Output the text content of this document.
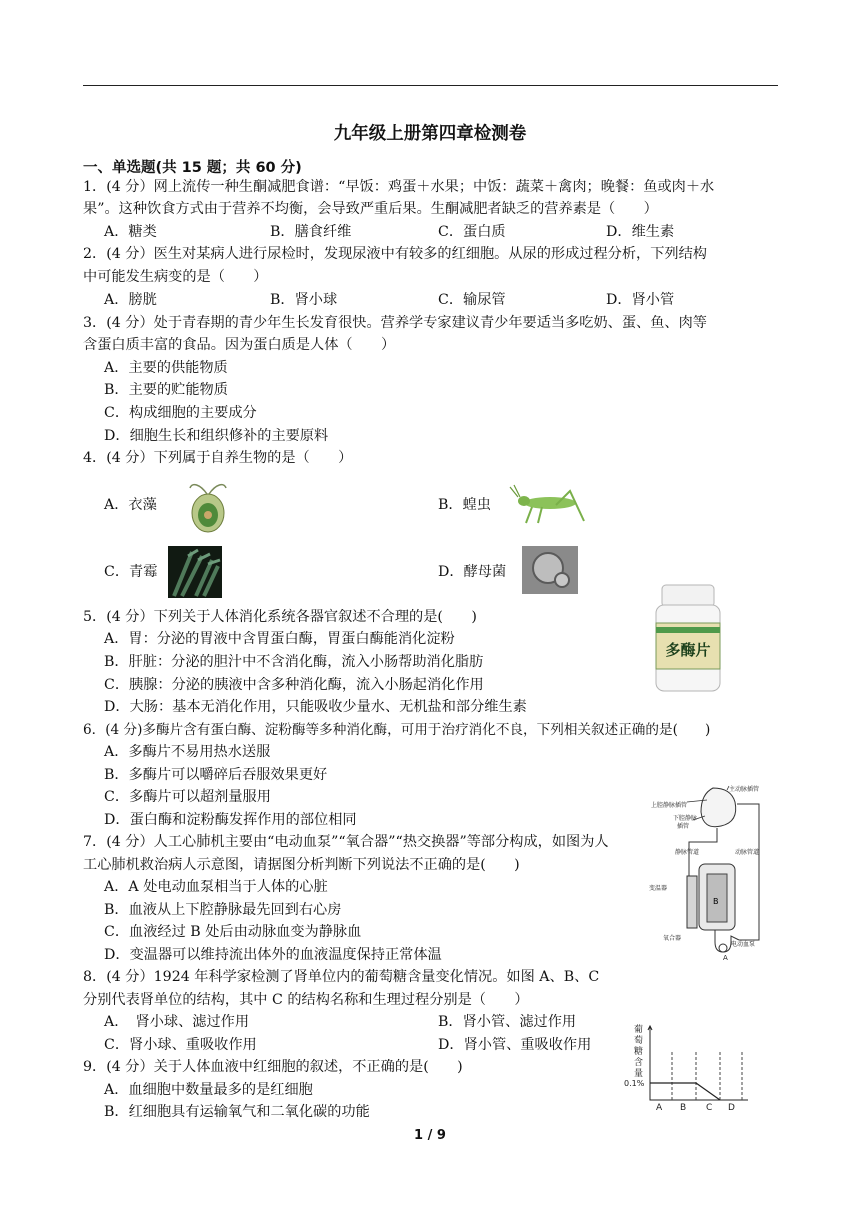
九年级上册第四章检测卷
一、单选题(共 15 题；共 60 分)
1．(4 分）网上流传一种生酮减肥食谱：“早饭：鸡蛋＋水果；中饭：蔬菜＋禽肉；晚餐：鱼或肉＋水
果”。这种饮食方式由于营养不均衡，会导致严重后果。生酮减肥者缺乏的营养素是（　　）
A．糖类	B．膳食纤维	C．蛋白质	D．维生素
2．(4 分）医生对某病人进行尿检时，发现尿液中有较多的红细胞。从尿的形成过程分析，下列结构
中可能发生病变的是（　　）
A．膀胱	B．肾小球	C．输尿管	D．肾小管
3．(4 分）处于青春期的青少年生长发育很快。营养学专家建议青少年要适当多吃奶、蛋、鱼、肉等
含蛋白质丰富的食品。因为蛋白质是人体（　　）
A．主要的供能物质
B．主要的贮能物质
C．构成细胞的主要成分
D．细胞生长和组织修补的主要原料
4．(4 分）下列属于自养生物的是（　　）
A．衣藻	B．蝗虫
C．青霉	D．酵母菌
5．(4 分）下列关于人体消化系统各器官叙述不合理的是(　　)
A．胃：分泌的胃液中含胃蛋白酶，胃蛋白酶能消化淀粉
B．肝脏：分泌的胆汁中不含消化酶，流入小肠帮助消化脂肪
C．胰腺：分泌的胰液中含多种消化酶，流入小肠起消化作用
D．大肠：基本无消化作用，只能吸收少量水、无机盐和部分维生素
多酶片
6．(4 分)多酶片含有蛋白酶、淀粉酶等多种消化酶，可用于治疗消化不良，下列相关叙述正确的是(　　)
A．多酶片不易用热水送服
B．多酶片可以嚼碎后吞服效果更好
C．多酶片可以超剂量服用
D．蛋白酶和淀粉酶发挥作用的部位相同
7．(4 分）人工心肺机主要由“电动血泵”“氧合器”“热交换器”等部分构成，如图为人
工心肺机救治病人示意图，请据图分析判断下列说法不正确的是(　　)
A．A 处电动血泵相当于人体的心脏
B．血液从上下腔静脉最先回到右心房
C．血液经过 B 处后由动脉血变为静脉血
D．变温器可以维持流出体外的血液温度保持正常体温
主动脉插管
上腔静脉插管
下腔静脉
插管
静脉管道	动脉管道
变温器
氧合器
电动血泵
A
B
8．(4 分）1924 年科学家检测了肾单位内的葡萄糖含量变化情况。如图 A、B、C
分别代表肾单位的结构，其中 C 的结构名称和生理过程分别是（　　）
A．　肾小球、滤过作用	B．肾小管、滤过作用
C．肾小球、重吸收作用	D．肾小管、重吸收作用
葡
萄
糖
含
量
0.1%
A B C D
9．(4 分）关于人体血液中红细胞的叙述，不正确的是(　　)
A．血细胞中数量最多的是红细胞
B．红细胞具有运输氧气和二氧化碳的功能
1 / 9
